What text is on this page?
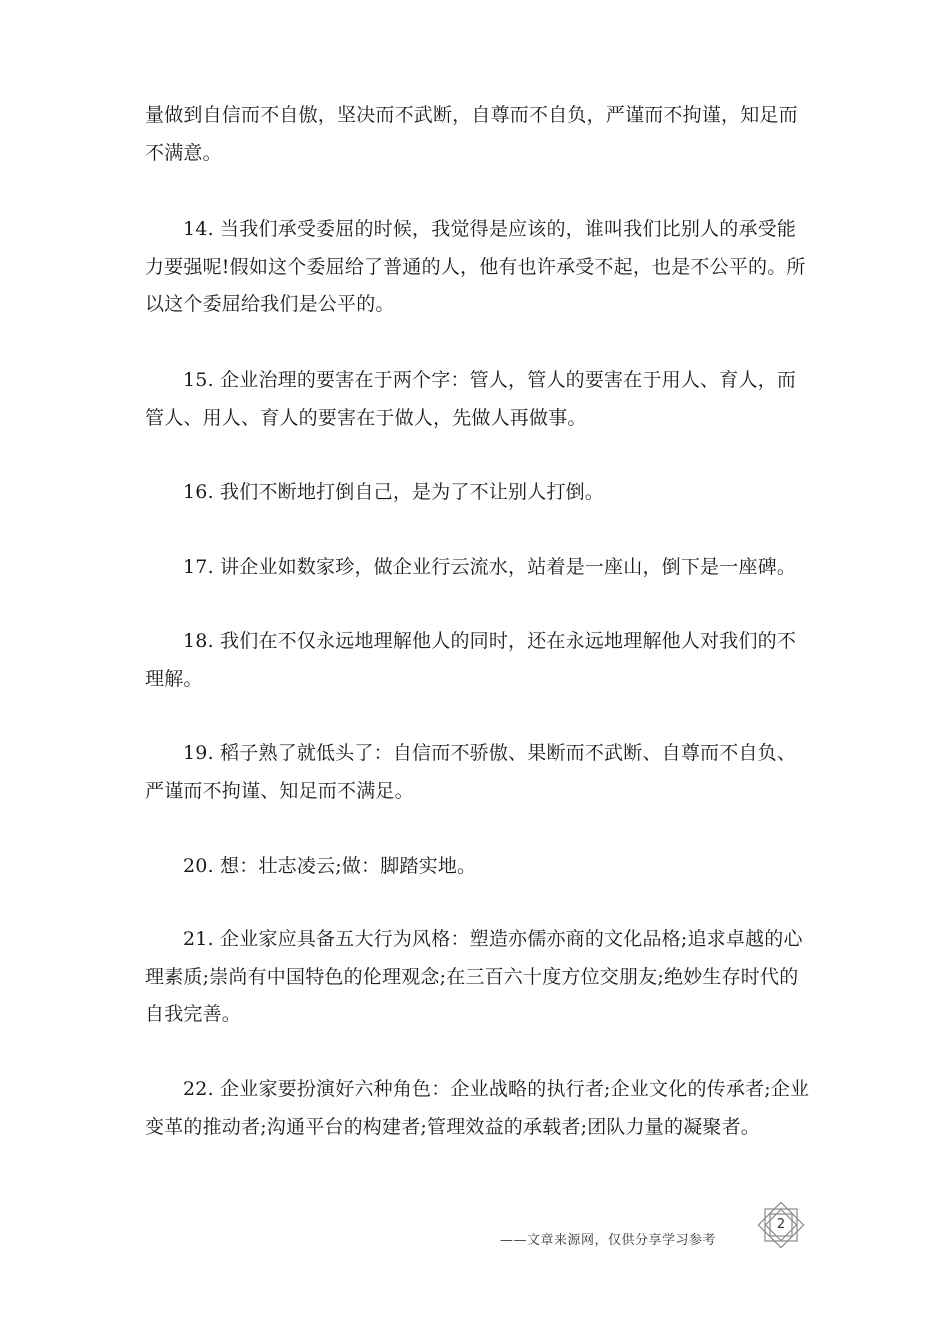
量做到自信而不自傲，坚决而不武断，自尊而不自负，严谨而不拘谨，知足而不满意。

14. 当我们承受委屈的时候，我觉得是应该的，谁叫我们比别人的承受能力要强呢!假如这个委屈给了普通的人，他有也许承受不起，也是不公平的。所以这个委屈给我们是公平的。

15. 企业治理的要害在于两个字：管人，管人的要害在于用人、育人，而管人、用人、育人的要害在于做人，先做人再做事。

16. 我们不断地打倒自己，是为了不让别人打倒。

17. 讲企业如数家珍，做企业行云流水，站着是一座山，倒下是一座碑。

18. 我们在不仅永远地理解他人的同时，还在永远地理解他人对我们的不理解。

19. 稻子熟了就低头了：自信而不骄傲、果断而不武断、自尊而不自负、严谨而不拘谨、知足而不满足。

20. 想：壮志凌云;做：脚踏实地。

21. 企业家应具备五大行为风格：塑造亦儒亦商的文化品格;追求卓越的心理素质;崇尚有中国特色的伦理观念;在三百六十度方位交朋友;绝妙生存时代的自我完善。

22. 企业家要扮演好六种角色：企业战略的执行者;企业文化的传承者;企业变革的推动者;沟通平台的构建者;管理效益的承载者;团队力量的凝聚者。

——文章来源网，仅供分享学习参考
2
